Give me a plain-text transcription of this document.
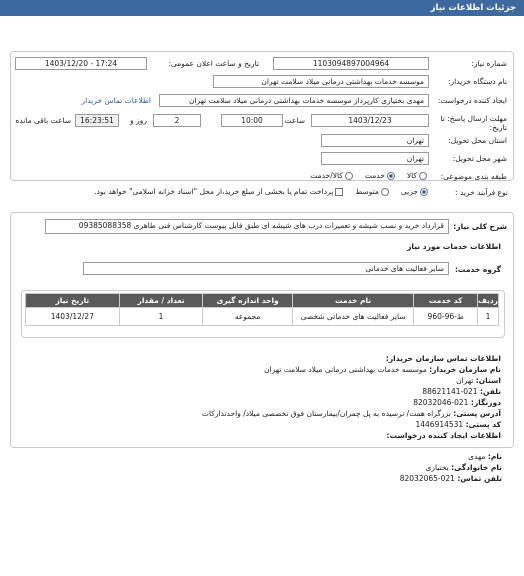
جزئیات اطلاعات نیاز
شماره نیاز:
1103094897004964
تاریخ و ساعت اعلان عمومی:
1403/12/20 - 17:24
نام دستگاه خریدار:
موسسه خدمات بهداشتی درمانی میلاد سلامت تهران
ایجاد کننده درخواست:
مهدی بختیاری کارپرداز موسسه خدمات بهداشتی درمانی میلاد سلامت تهران
اطلاعات تماس خریدار
مهلت ارسال پاسخ: تا تاریخ:
1403/12/23
ساعت
10:00
2
روز و
16:23:51
ساعت باقی مانده
استان محل تحویل:
تهران
شهر محل تحویل:
تهران
طبقه بندی موضوعی:
کالا
خدمت
کالا/خدمت
نوع فرآیند خرید :
جزیی
متوسط
پرداخت تمام یا بخشی از مبلغ خرید،از محل "اسناد خزانه اسلامی" خواهد بود.
شرح کلی نیاز:
قرارداد خرید و نصب شیشه و تعمیرات درب های شیشه ای طبق فایل پیوست کارشناس فنی طاهری 09385088358
اطلاعات خدمات مورد نیاز
گروه خدمت:
سایر فعالیت های خدماتی
ردیف	کد خدمت	نام خدمت	واحد اندازه گیری	تعداد / مقدار	تاریخ نیاز
1	ط-96-960	سایر فعالیت های خدماتی شخصی	مجموعه	1	1403/12/27
اطلاعات تماس سازمان خریدار:
نام سازمان خریدار: موسسه خدمات بهداشتی درمانی میلاد سلامت تهران
استان: تهران
تلفن: 021-88621141
دورنگار: 021-82032046
آدرس پستی: بزرگراه همت/ نرسیده به پل چمران/بیمارستان فوق تخصصی میلاد/ واحدتدارکات
کد پستی: 1446914531
اطلاعات ایجاد کننده درخواست:
نام: مهدی
نام خانوادگی: بختیاری
تلفن تماس: 021-82032065
